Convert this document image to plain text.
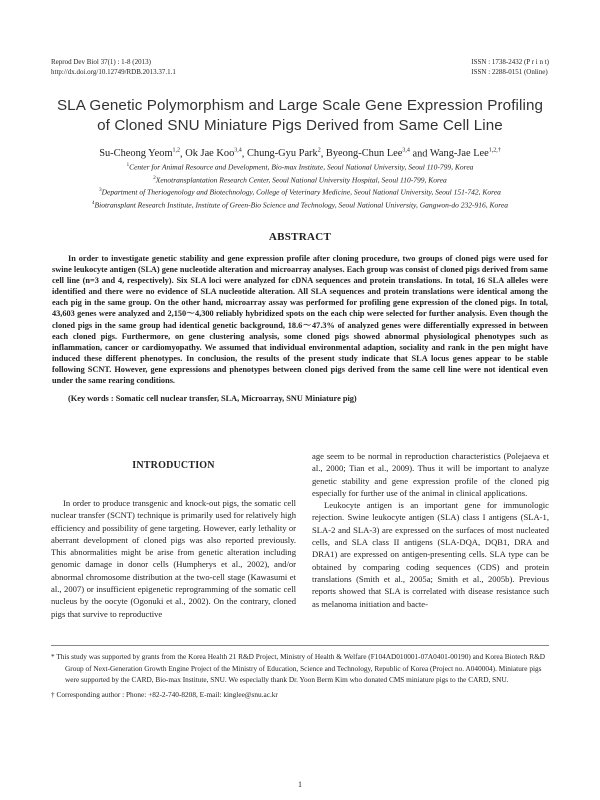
Reprod Dev Biol 37(1) : 1-8 (2013)
http://dx.doi.org/10.12749/RDB.2013.37.1.1
ISSN : 1738-2432 (P r i n t)
ISSN : 2288-0151 (Online)
SLA Genetic Polymorphism and Large Scale Gene Expression Profiling
of Cloned SNU Miniature Pigs Derived from Same Cell Line
Su-Cheong Yeom$^{1,2}$, Ok Jae Koo$^{3,4}$, Chung-Gyu Park$^2$, Byeong-Chun Lee$^{3,4}$ and Wang-Jae Lee$^{1,2,\dagger}$
$^1$Center for Animal Resource and Development, Bio-max Institute, Seoul National University, Seoul 110-799, Korea
$^2$Xenotransplantation Research Center, Seoul National University Hospital, Seoul 110-799, Korea
$^3$Department of Theriogenology and Biotechnology, College of Veterinary Medicine, Seoul National University, Seoul 151-742, Korea
$^4$Biotransplant Research Institute, Institute of Green-Bio Science and Technology, Seoul National University, Gangwon-do 232-916, Korea
ABSTRACT

In order to investigate genetic stability and gene expression profile after cloning procedure, two groups of cloned pigs were used for swine leukocyte antigen (SLA) gene nucleotide alteration and microarray analyses. Each group was consist of cloned pigs derived from same cell line (n=3 and 4, respectively). Six SLA loci were analyzed for cDNA sequences and protein translations. In total, 16 SLA alleles were identified and there were no evidence of SLA nucleotide alteration. All SLA sequences and protein translations were identical among the each pig in the same group. On the other hand, microarray assay was performed for profiling gene expression of the cloned pigs. In total, 43,603 genes were analyzed and 2,150～4,300 reliably hybridized spots on the each chip were selected for further analysis. Even though the cloned pigs in the same group had identical genetic background, 18.6～47.3% of analyzed genes were differentially expressed in between each cloned pigs. Furthermore, on gene clustering analysis, some cloned pigs showed abnormal physiological phenotypes such as inflammation, cancer or cardiomyopathy. We assumed that individual environmental adaption, sociality and rank in the pen might have induced these different phenotypes. In conclusion, the results of the present study indicate that SLA locus genes appear to be stable following SCNT. However, gene expressions and phenotypes between cloned pigs derived from the same cell line were not identical even under the same rearing conditions.

(Key words : Somatic cell nuclear transfer, SLA, Microarray, SNU Miniature pig)
INTRODUCTION

In order to produce transgenic and knock-out pigs, the somatic cell nuclear transfer (SCNT) technique is primarily used for relatively high efficiency and possibility of gene targeting. However, early lethality or aberrant development of cloned pigs was also reported previously. This abnormalities might be arise from genetic alteration including genomic damage in donor cells (Humpherys et al., 2002), and/or abnormal chromosome distribution at the two-cell stage (Kawasumi et al., 2007) or insufficient epigenetic reprogramming of the somatic cell nucleus by the oocyte (Ogonuki et al., 2002). On the contrary, cloned pigs that survive to reproductive

age seem to be normal in reproduction characteristics (Polejaeva et al., 2000; Tian et al., 2009). Thus it will be important to analyze genetic stability and gene expression profile of the cloned pig especially for further use of the animal in clinical applications.

Leukocyte antigen is an important gene for immunologic rejection. Swine leukocyte antigen (SLA) class I antigens (SLA-1, SLA-2 and SLA-3) are expressed on the surfaces of most nucleated cells, and SLA class II antigens (SLA-DQA, DQB1, DRA and DRA1) are expressed on antigen-presenting cells. SLA type can be obtained by comparing coding sequences (CDS) and protein translations (Smith et al., 2005a; Smith et al., 2005b). Previous reports showed that SLA is correlated with disease resistance such as melanoma initiation and bacte-

* This study was supported by grants from the Korea Health 21 R&D Project, Ministry of Health & Welfare (F104AD010001-07A0401-00190) and Korea Biotech R&D Group of Next-Generation Growth Engine Project of the Ministry of Education, Science and Technology, Republic of Korea (Project no. A040004). Miniature pigs were supported by the CARD, Bio-max Institute, SNU. We especially thank Dr. Yoon Berm Kim who donated CMS miniature pigs to the CARD, SNU.

† Corresponding author : Phone: +82-2-740-8208, E-mail: kinglee@snu.ac.kr

1
